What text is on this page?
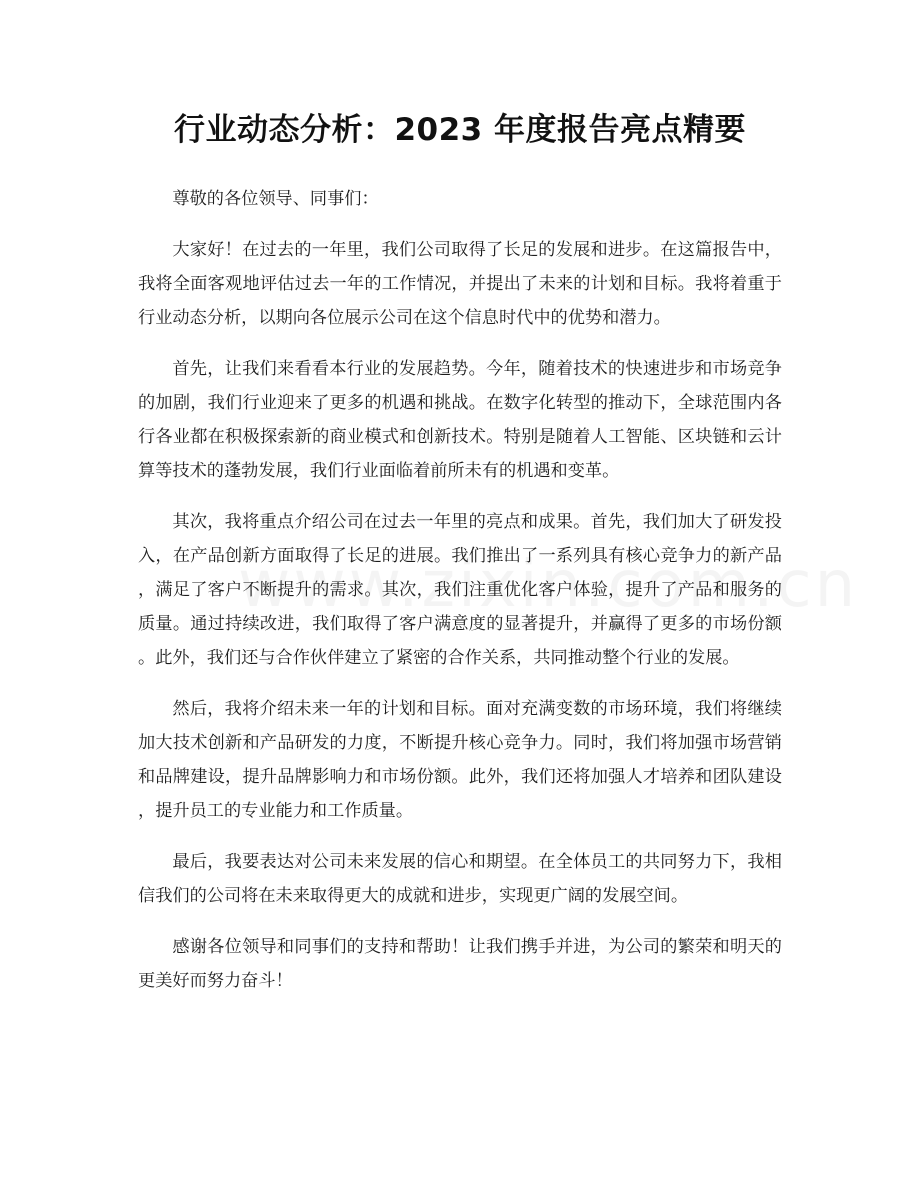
行业动态分析：2023 年度报告亮点精要

尊敬的各位领导、同事们：

大家好！在过去的一年里，我们公司取得了长足的发展和进步。在这篇报告中，我将全面客观地评估过去一年的工作情况，并提出了未来的计划和目标。我将着重于行业动态分析，以期向各位展示公司在这个信息时代中的优势和潜力。

首先，让我们来看看本行业的发展趋势。今年，随着技术的快速进步和市场竞争的加剧，我们行业迎来了更多的机遇和挑战。在数字化转型的推动下，全球范围内各行各业都在积极探索新的商业模式和创新技术。特别是随着人工智能、区块链和云计算等技术的蓬勃发展，我们行业面临着前所未有的机遇和变革。

其次，我将重点介绍公司在过去一年里的亮点和成果。首先，我们加大了研发投入，在产品创新方面取得了长足的进展。我们推出了一系列具有核心竞争力的新产品，满足了客户不断提升的需求。其次，我们注重优化客户体验，提升了产品和服务的质量。通过持续改进，我们取得了客户满意度的显著提升，并赢得了更多的市场份额。此外，我们还与合作伙伴建立了紧密的合作关系，共同推动整个行业的发展。

然后，我将介绍未来一年的计划和目标。面对充满变数的市场环境，我们将继续加大技术创新和产品研发的力度，不断提升核心竞争力。同时，我们将加强市场营销和品牌建设，提升品牌影响力和市场份额。此外，我们还将加强人才培养和团队建设，提升员工的专业能力和工作质量。

最后，我要表达对公司未来发展的信心和期望。在全体员工的共同努力下，我相信我们的公司将在未来取得更大的成就和进步，实现更广阔的发展空间。

感谢各位领导和同事们的支持和帮助！让我们携手并进，为公司的繁荣和明天的更美好而努力奋斗！
